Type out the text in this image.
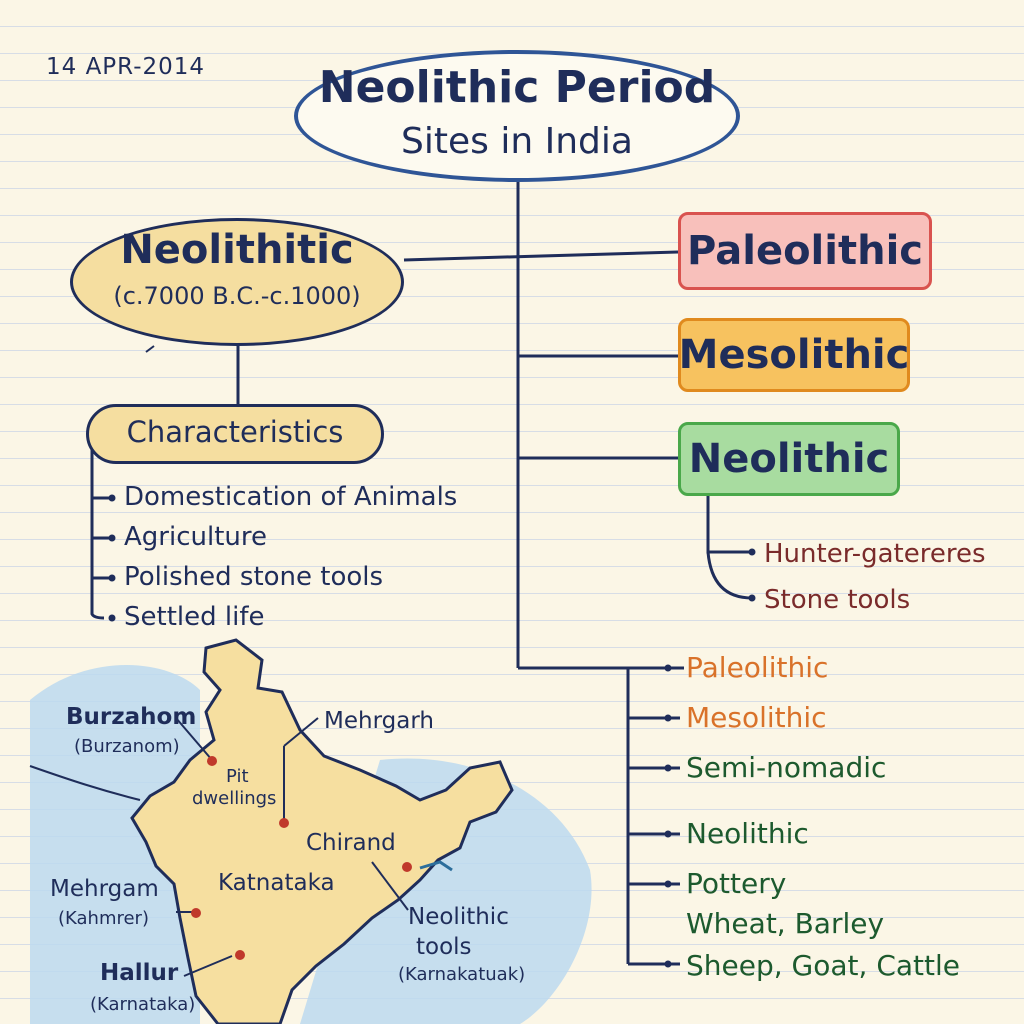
14 APR-2014	Neolithic Period
Sites in India
Neolithitic
(c.7000 B.C.-c.1000)
Characteristics
Domestication of Animals
Agriculture
Polished stone tools
Settled life
Paleolithic
Mesolithic
Neolithic
Hunter-gatereres
Stone tools
Paleolithic
Mesolithic
Semi-nomadic
Neolithic
Pottery
Wheat, Barley
Sheep, Goat, Cattle
Burzahom
(Burzanom)
Pit
dwellings
Mehrgarh
Chirand
Katnataka
Mehrgam
(Kahmrer)	Neolithic
tools
(Karnakatuak)
Hallur
(Karnataka)
